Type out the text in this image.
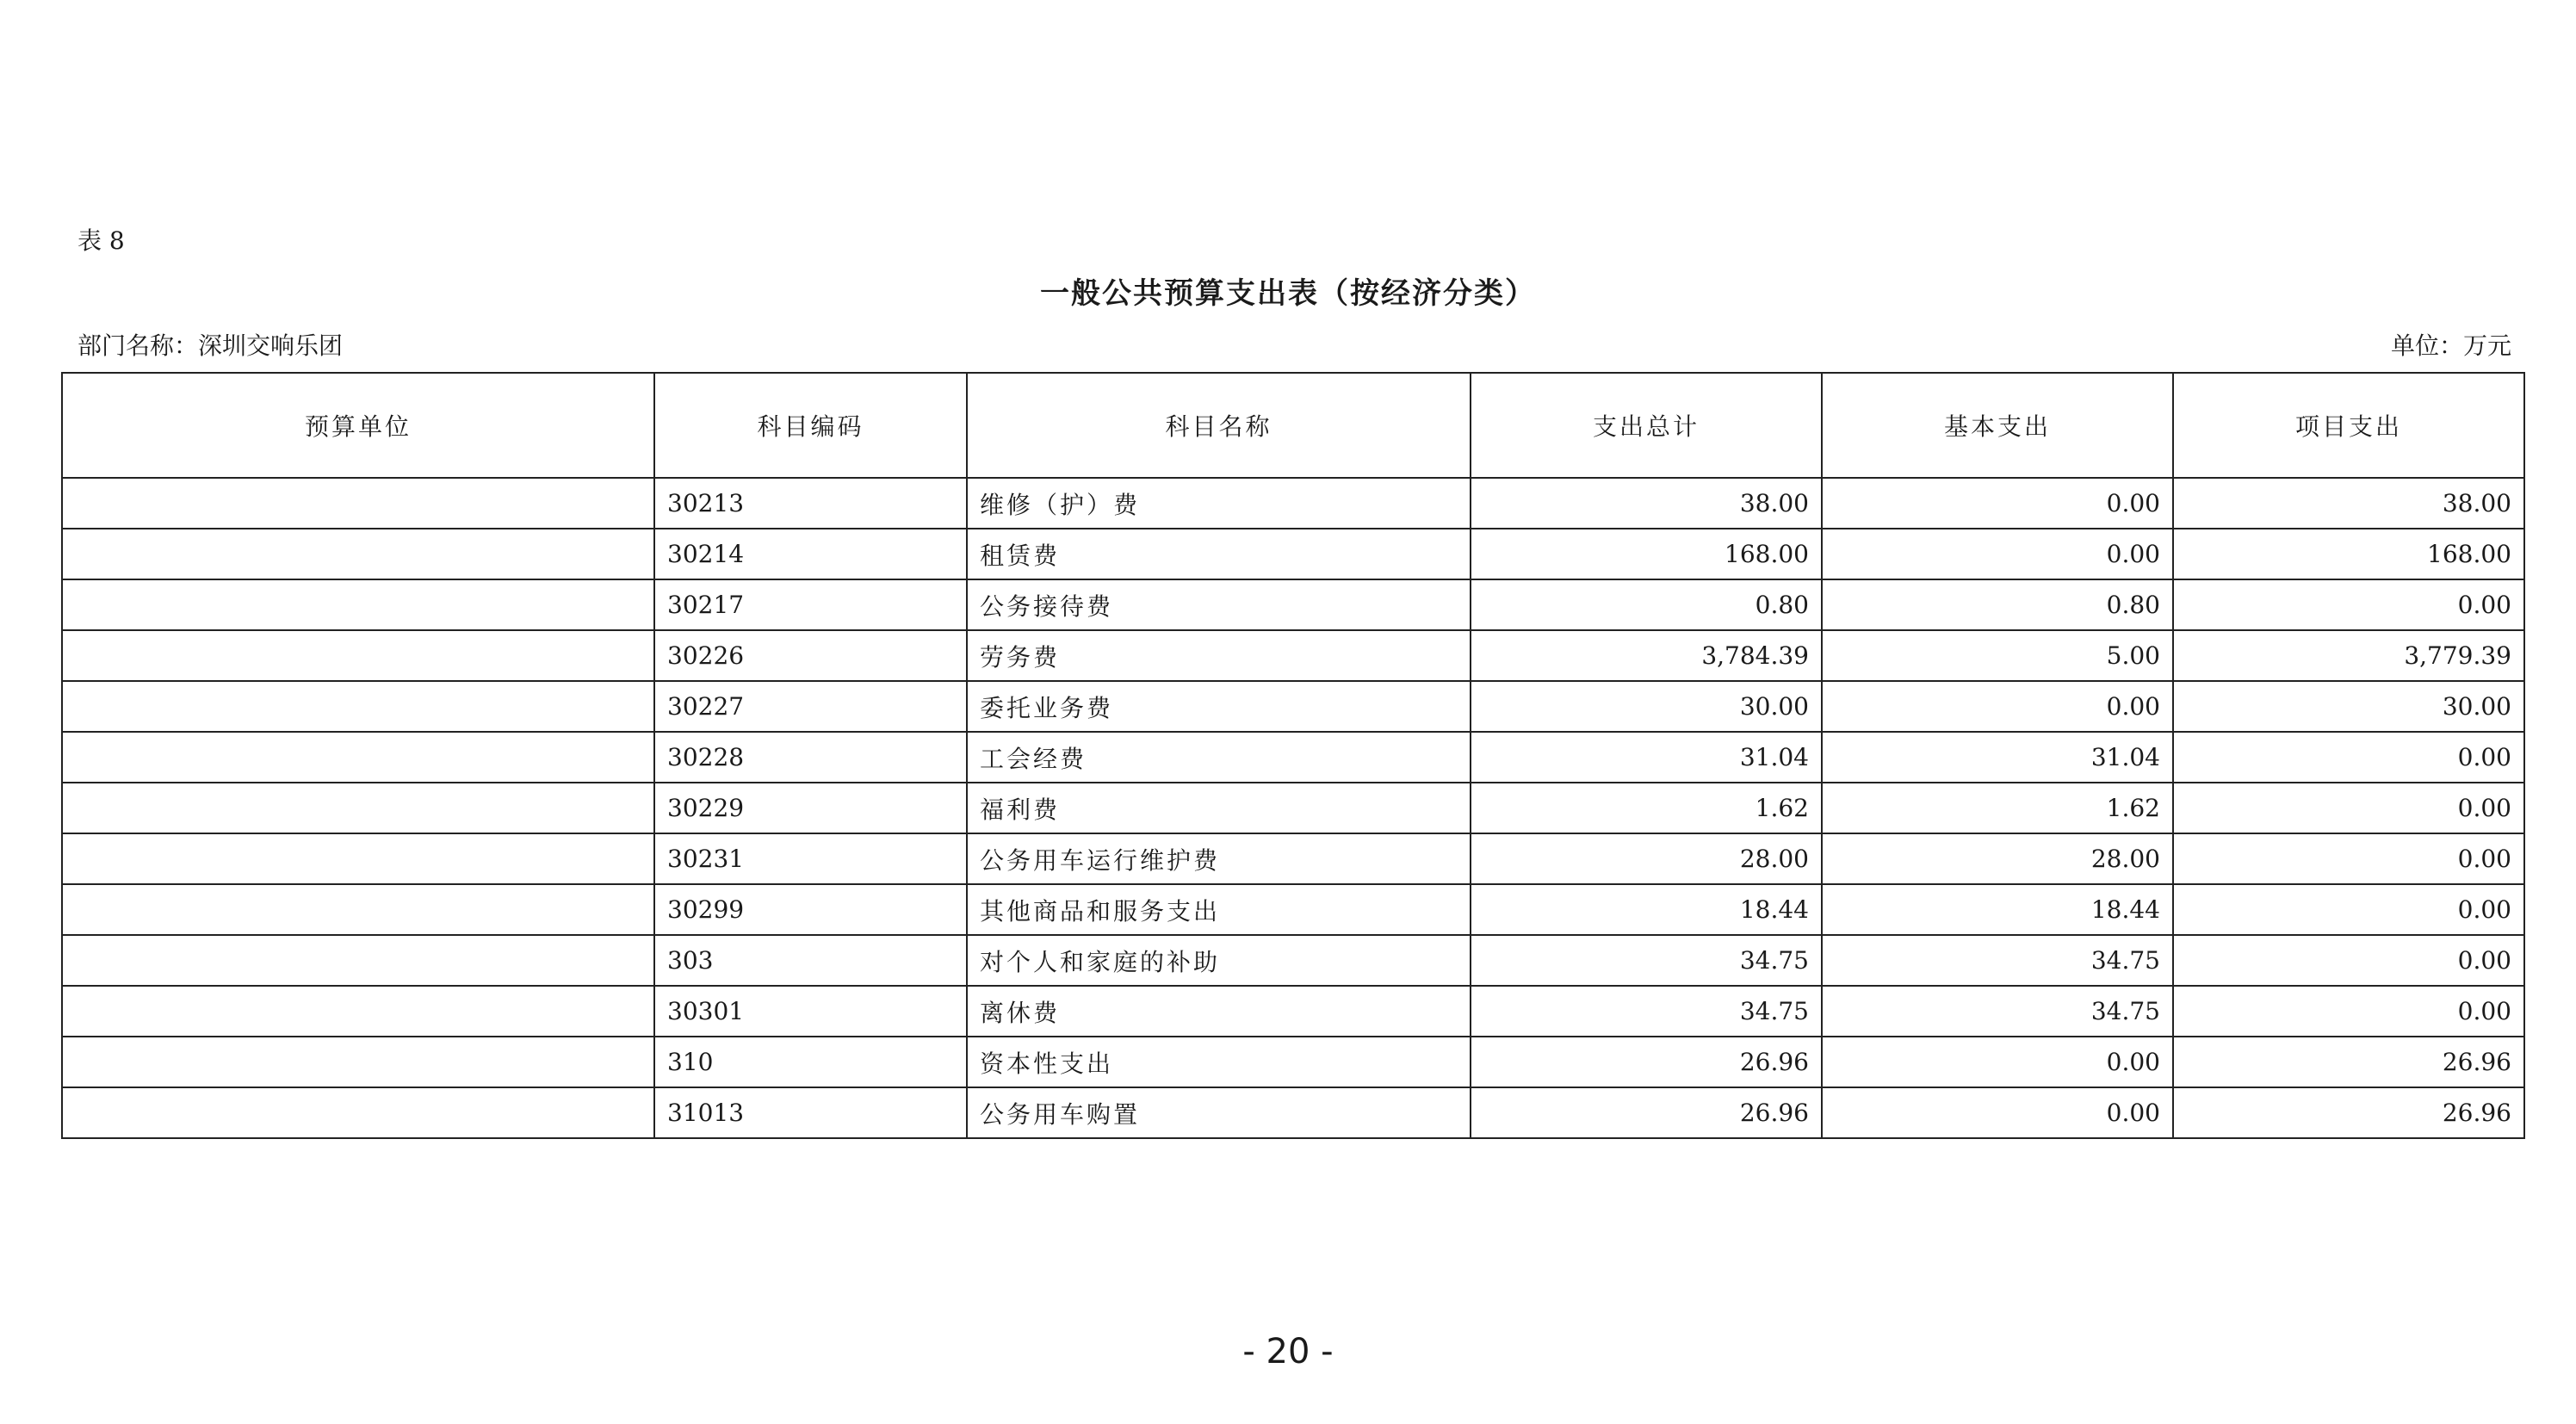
表 8
一般公共预算支出表（按经济分类）
部门名称：深圳交响乐团	单位：万元
预算单位	科目编码	科目名称	支出总计	基本支出	项目支出
	30213	维修（护）费	38.00	0.00	38.00
	30214	租赁费	168.00	0.00	168.00
	30217	公务接待费	0.80	0.80	0.00
	30226	劳务费	3,784.39	5.00	3,779.39
	30227	委托业务费	30.00	0.00	30.00
	30228	工会经费	31.04	31.04	0.00
	30229	福利费	1.62	1.62	0.00
	30231	公务用车运行维护费	28.00	28.00	0.00
	30299	其他商品和服务支出	18.44	18.44	0.00
	303	对个人和家庭的补助	34.75	34.75	0.00
	30301	离休费	34.75	34.75	0.00
	310	资本性支出	26.96	0.00	26.96
	31013	公务用车购置	26.96	0.00	26.96
- 20 -
